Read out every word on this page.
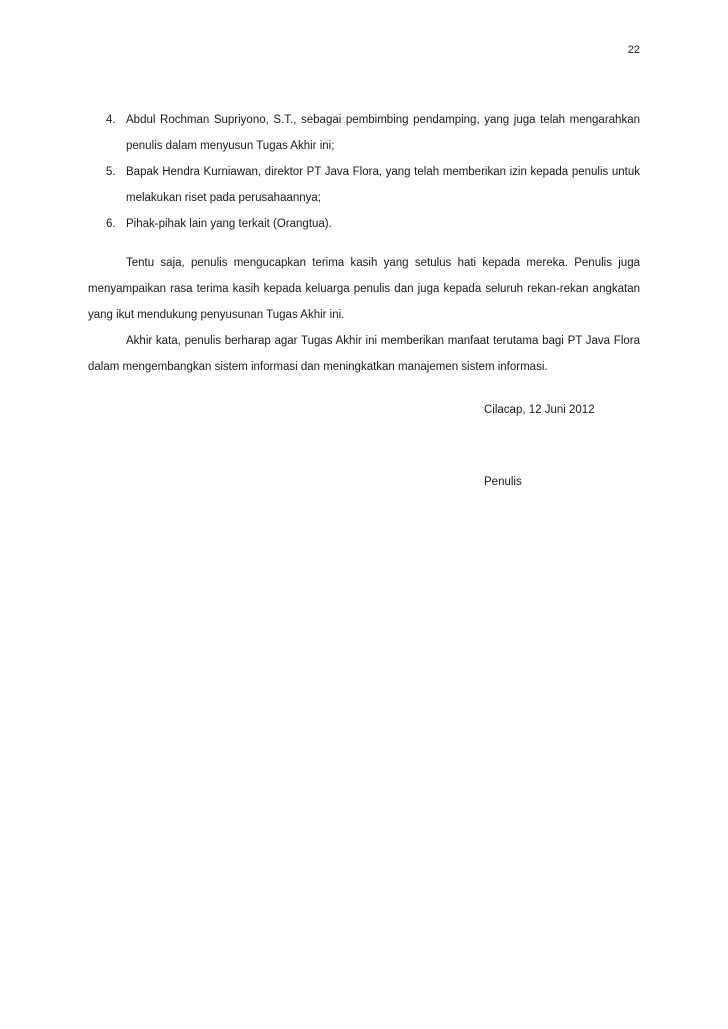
22
4. Abdul Rochman Supriyono, S.T., sebagai pembimbing pendamping, yang juga telah mengarahkan penulis dalam menyusun Tugas Akhir ini;
5. Bapak Hendra Kurniawan, direktor PT Java Flora, yang telah memberikan izin kepada penulis untuk melakukan riset pada perusahaannya;
6. Pihak-pihak lain yang terkait (Orangtua).

Tentu saja, penulis mengucapkan terima kasih yang setulus hati kepada mereka. Penulis juga menyampaikan rasa terima kasih kepada keluarga penulis dan juga kepada seluruh rekan-rekan angkatan yang ikut mendukung penyusunan Tugas Akhir ini.

Akhir kata, penulis berharap agar Tugas Akhir ini memberikan manfaat terutama bagi PT Java Flora dalam mengembangkan sistem informasi dan meningkatkan manajemen sistem informasi.

Cilacap, 12 Juni 2012
Penulis
